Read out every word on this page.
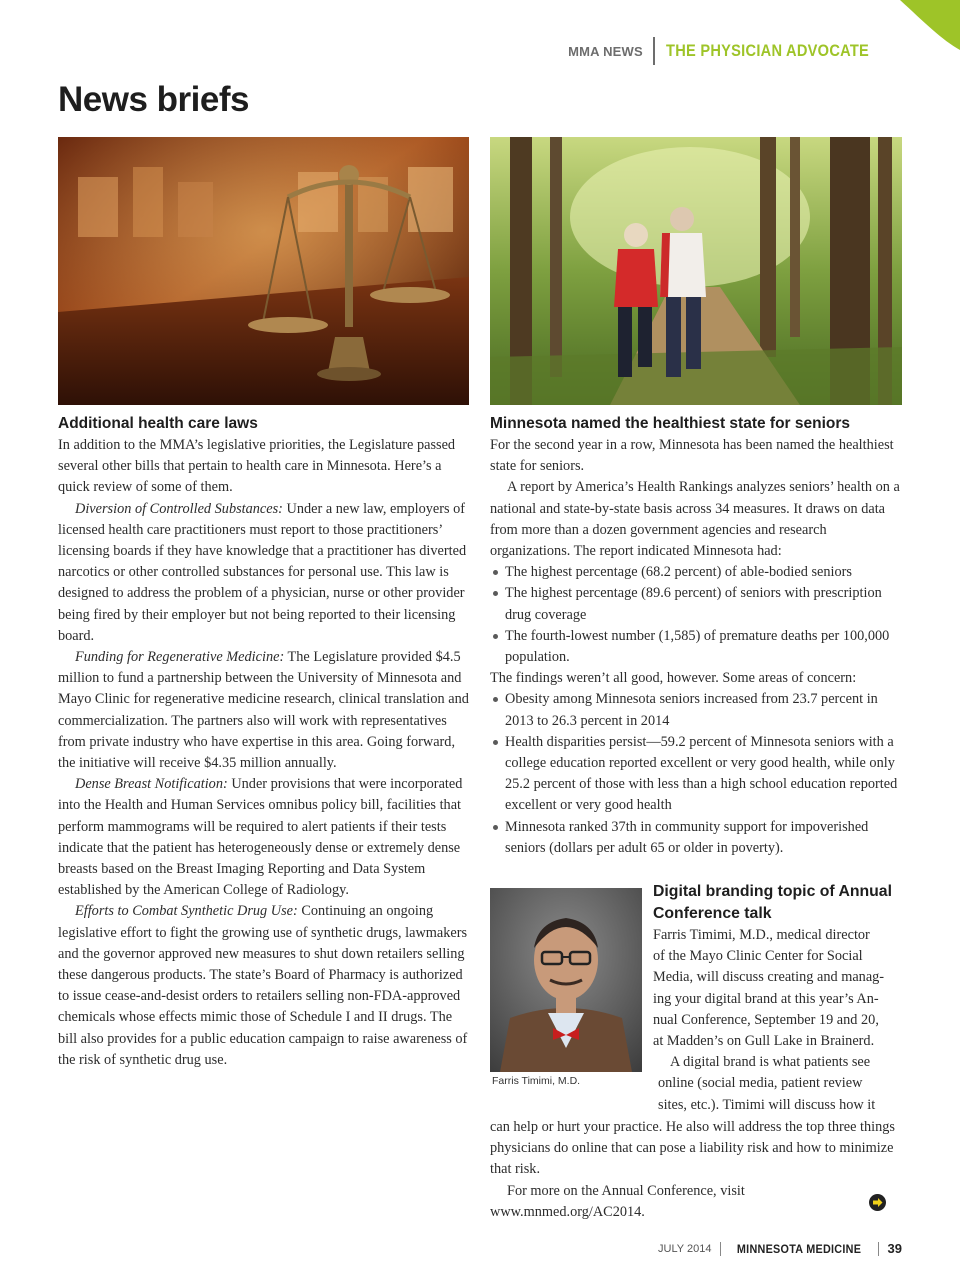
MMA NEWS THE PHYSICIAN ADVOCATE
News briefs
Additional health care laws

In addition to the MMA’s legislative priorities, the Legislature passed several other bills that pertain to health care in Minnesota. Here’s a quick review of some of them.

Diversion of Controlled Substances: Under a new law, employers of licensed health care practitioners must report to those practitioners’ licensing boards if they have knowledge that a practitioner has diverted narcotics or other controlled substances for personal use. This law is designed to address the problem of a physician, nurse or other provider being fired by their employer but not being reported to their licensing board.

Funding for Regenerative Medicine: The Legislature provided $4.5 million to fund a partnership between the University of Minnesota and Mayo Clinic for regenerative medicine research, clinical translation and commercialization. The partners also will work with representatives from private industry who have expertise in this area. Going forward, the initiative will receive $4.35 million annually.

Dense Breast Notification: Under provisions that were incorporated into the Health and Human Services omnibus policy bill, facilities that perform mammograms will be required to alert patients if their tests indicate that the patient has heterogeneously dense or extremely dense breasts based on the Breast Imaging Reporting and Data System established by the American College of Radiology.

Efforts to Combat Synthetic Drug Use: Continuing an ongoing legislative effort to fight the growing use of synthetic drugs, lawmakers and the governor approved new measures to shut down retailers selling these dangerous products. The state’s Board of Pharmacy is authorized to issue cease-and-desist orders to retailers selling non-FDA-approved chemicals whose effects mimic those of Schedule I and II drugs. The bill also provides for a public education campaign to raise awareness of the risk of synthetic drug use.

Minnesota named the healthiest state for seniors

For the second year in a row, Minnesota has been named the healthiest state for seniors.

A report by America’s Health Rankings analyzes seniors’ health on a national and state-by-state basis across 34 measures. It draws on data from more than a dozen government agencies and research organizations. The report indicated Minnesota had:

The highest percentage (68.2 percent) of able-bodied seniors
The highest percentage (89.6 percent) of seniors with prescription drug coverage
The fourth-lowest number (1,585) of premature deaths per 100,000 population.

The findings weren’t all good, however. Some areas of concern:

Obesity among Minnesota seniors increased from 23.7 percent in 2013 to 26.3 percent in 2014
Health disparities persist—59.2 percent of Minnesota seniors with a college education reported excellent or very good health, while only 25.2 percent of those with less than a high school education reported excellent or very good health
Minnesota ranked 37th in community support for impoverished seniors (dollars per adult 65 or older in poverty).
Farris Timimi, M.D.
Digital branding topic of Annual Conference talk
Farris Timimi, M.D., medical director
of the Mayo Clinic Center for Social
Media, will discuss creating and manag-
ing your digital brand at this year’s An-
nual Conference, September 19 and 20,
at Madden’s on Gull Lake in Brainerd.
A digital brand is what patients see
online (social media, patient review
sites, etc.). Timimi will discuss how it

can help or hurt your practice. He also will address the top three things physicians do online that can pose a liability risk and how to minimize that risk.

For more on the Annual Conference, visit www.mnmed.org/AC2014.

JULY 2014 MINNESOTA MEDICINE 39
